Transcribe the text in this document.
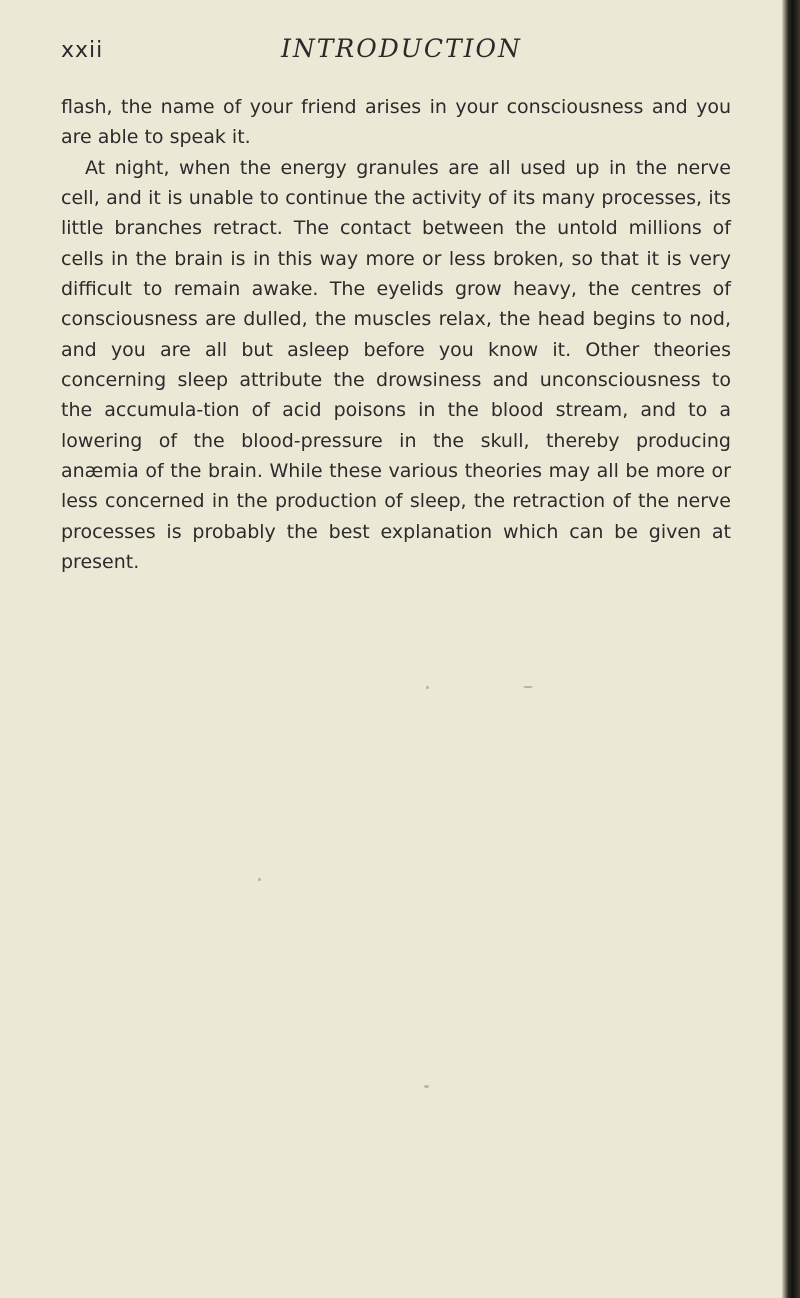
xxii	INTRODUCTION

flash, the name of your friend arises in your consciousness and you are able to speak it.

At night, when the energy granules are all used up in the nerve cell, and it is unable to continue the activity of its many processes, its little branches retract. The contact between the untold millions of cells in the brain is in this way more or less broken, so that it is very difficult to remain awake. The eyelids grow heavy, the centres of consciousness are dulled, the muscles relax, the head begins to nod, and you are all but asleep before you know it. Other theories concerning sleep attribute the drowsiness and unconsciousness to the accumula-tion of acid poisons in the blood stream, and to a lowering of the blood-pressure in the skull, thereby producing anæmia of the brain. While these various theories may all be more or less concerned in the production of sleep, the retraction of the nerve processes is probably the best explanation which can be given at present.
